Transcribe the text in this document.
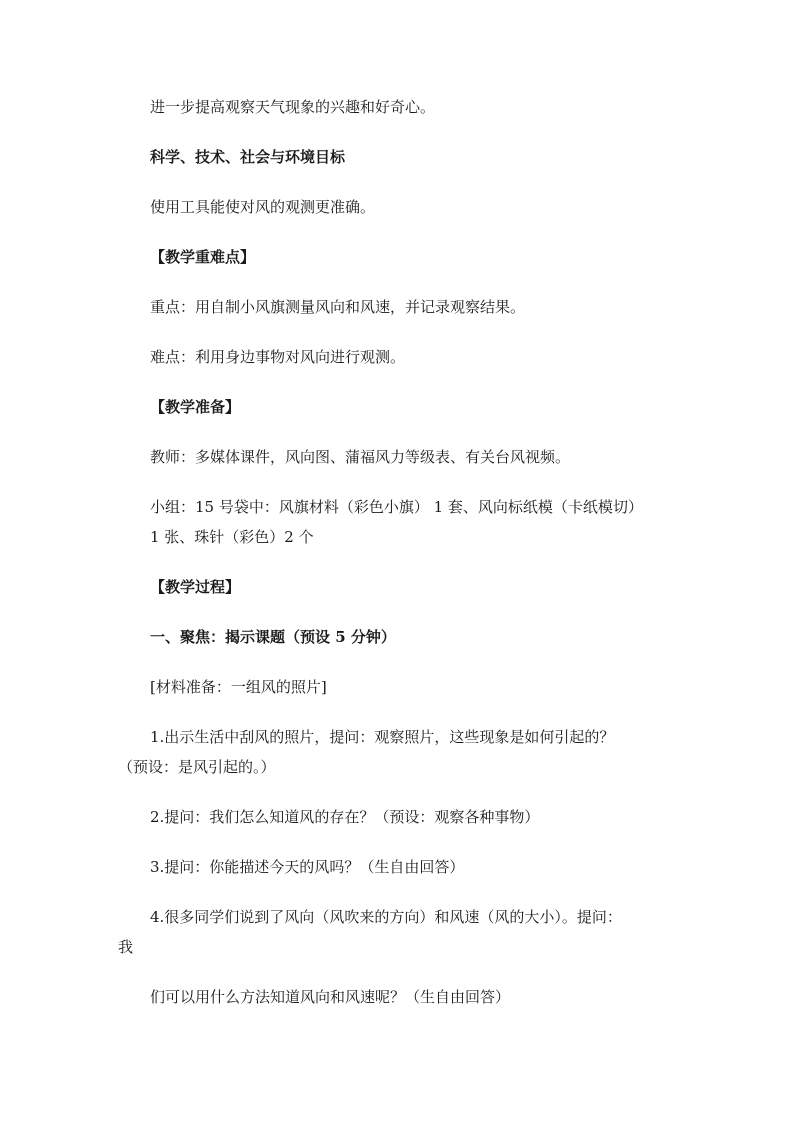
进一步提高观察天气现象的兴趣和好奇心。
科学、技术、社会与环境目标
使用工具能使对风的观测更准确。
【教学重难点】
重点：用自制小风旗测量风向和风速，并记录观察结果。
难点：利用身边事物对风向进行观测。
【教学准备】
教师：多媒体课件，风向图、蒲福风力等级表、有关台风视频。
小组：15 号袋中：风旗材料（彩色小旗） 1 套、风向标纸模（卡纸模切）
1 张、珠针（彩色）2 个
【教学过程】
一、聚焦：揭示课题（预设 5 分钟）
[材料准备：一组风的照片]
1.出示生活中刮风的照片，提问：观察照片，这些现象是如何引起的？
（预设：是风引起的。）
2.提问：我们怎么知道风的存在？（预设：观察各种事物）
3.提问：你能描述今天的风吗？（生自由回答）
4.很多同学们说到了风向（风吹来的方向）和风速（风的大小）。提问：
我
们可以用什么方法知道风向和风速呢？（生自由回答）
